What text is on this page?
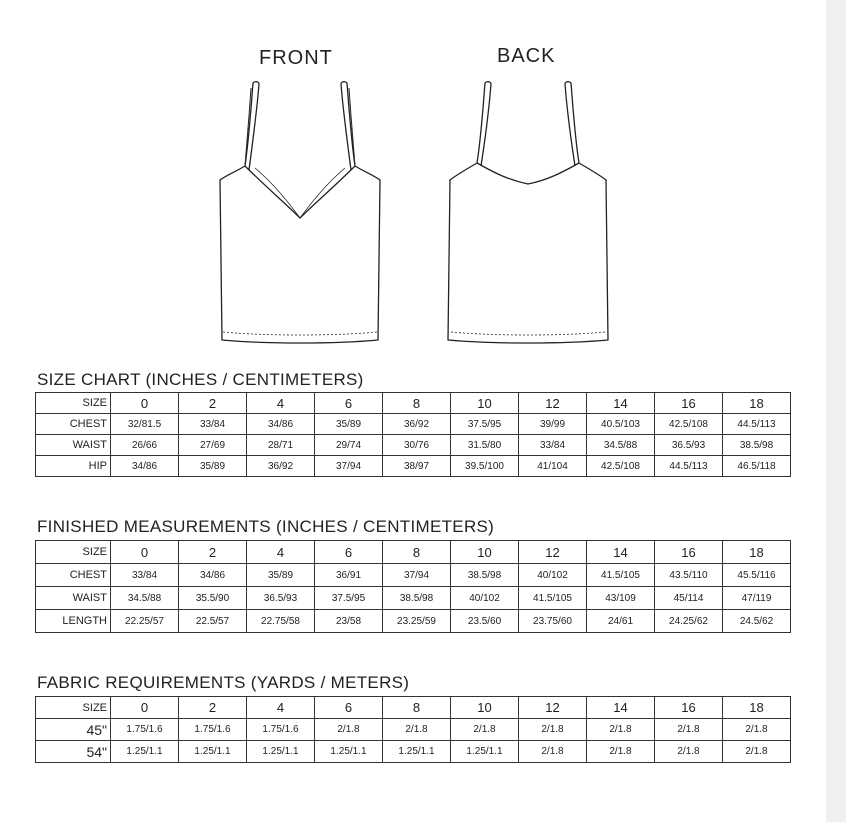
FRONT	BACK
SIZE CHART (INCHES / CENTIMETERS)
SIZE	0	2	4	6	8	10	12	14	16	18
CHEST	32/81.5	33/84	34/86	35/89	36/92	37.5/95	39/99	40.5/103	42.5/108	44.5/113
WAIST	26/66	27/69	28/71	29/74	30/76	31.5/80	33/84	34.5/88	36.5/93	38.5/98
HIP	34/86	35/89	36/92	37/94	38/97	39.5/100	41/104	42.5/108	44.5/113	46.5/118
FINISHED MEASUREMENTS (INCHES / CENTIMETERS)
SIZE	0	2	4	6	8	10	12	14	16	18
CHEST	33/84	34/86	35/89	36/91	37/94	38.5/98	40/102	41.5/105	43.5/110	45.5/116
WAIST	34.5/88	35.5/90	36.5/93	37.5/95	38.5/98	40/102	41.5/105	43/109	45/114	47/119
LENGTH	22.25/57	22.5/57	22.75/58	23/58	23.25/59	23.5/60	23.75/60	24/61	24.25/62	24.5/62
FABRIC REQUIREMENTS (YARDS / METERS)
SIZE	0	2	4	6	8	10	12	14	16	18
45"	1.75/1.6	1.75/1.6	1.75/1.6	2/1.8	2/1.8	2/1.8	2/1.8	2/1.8	2/1.8	2/1.8
54"	1.25/1.1	1.25/1.1	1.25/1.1	1.25/1.1	1.25/1.1	1.25/1.1	2/1.8	2/1.8	2/1.8	2/1.8
